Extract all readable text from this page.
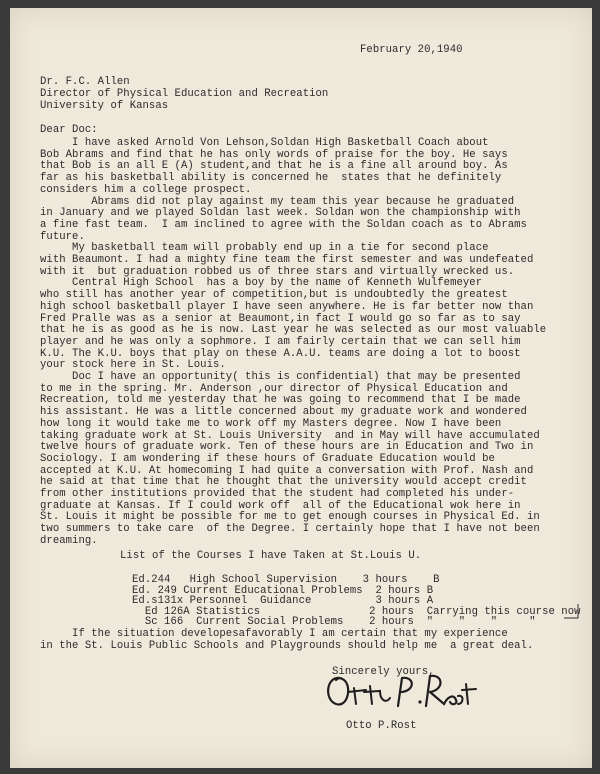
February 20,1940
Dr. F.C. Allen
Director of Physical Education and Recreation
University of Kansas
Dear Doc:
I have asked Arnold Von Lehson,Soldan High Basketball Coach about
Bob Abrams and find that he has only words of praise for the boy. He says
that Bob is an all E (A) student,and that he is a fine all around boy. As
far as his basketball ability is concerned he  states that he definitely
considers him a college prospect.
Abrams did not play against my team this year because he graduated
in January and we played Soldan last week. Soldan won the championship with
a fine fast team.  I am inclined to agree with the Soldan coach as to Abrams
future.
My basketball team will probably end up in a tie for second place
with Beaumont. I had a mighty fine team the first semester and was undefeated
with it  but graduation robbed us of three stars and virtually wrecked us.
Central High School  has a boy by the name of Kenneth Wulfemeyer
who still has another year of competition,but is undoubtedly the greatest
high school basketball player I have seen anywhere. He is far better now than
Fred Pralle was as a senior at Beaumont,in fact I would go so far as to say
that he is as good as he is now. Last year he was selected as our most valuable
player and he was only a sophmore. I am fairly certain that we can sell him
K.U. The K.U. boys that play on these A.A.U. teams are doing a lot to boost
your stock here in St. Louis.
Doc I have an opportunity( this is confidential) that may be presented
to me in the spring. Mr. Anderson ,our director of Physical Education and
Recreation, told me yesterday that he was going to recommend that I be made
his assistant. He was a little concerned about my graduate work and wondered
how long it would take me to work off my Masters degree. Now I have been
taking graduate work at St. Louis University  and in May will have accumulated
twelve hours of graduate work. Ten of these hours are in Education and Two in
Sociology. I am wondering if these hours of Graduate Education would be
accepted at K.U. At homecoming I had quite a conversation with Prof. Nash and
he said at that time that he thought that the university would accept credit
from other institutions provided that the student had completed his under-
graduate at Kansas. If I could work off  all of the Educational wok here in
St. Louis it might be possible for me to get enough courses in Physical Ed. in
two summers to take care  of the Degree. I certainly hope that I have not been
dreaming.
List of the Courses I have Taken at St.Louis U.
Ed.244   High School Supervision    3 hours    B
Ed. 249 Current Educational Problems  2 hours B
Ed.s131x Personnel  Guidance          3 hours A
Ed 126A Statistics                 2 hours  Carrying this course now
Sc 166  Current Social Problems    2 hours  "    "    "     "
If the situation developesafavorably I am certain that my experience
in the St. Louis Public Schools and Playgrounds should help me  a great deal.
Sincerely yours,
Otto P.Rost
